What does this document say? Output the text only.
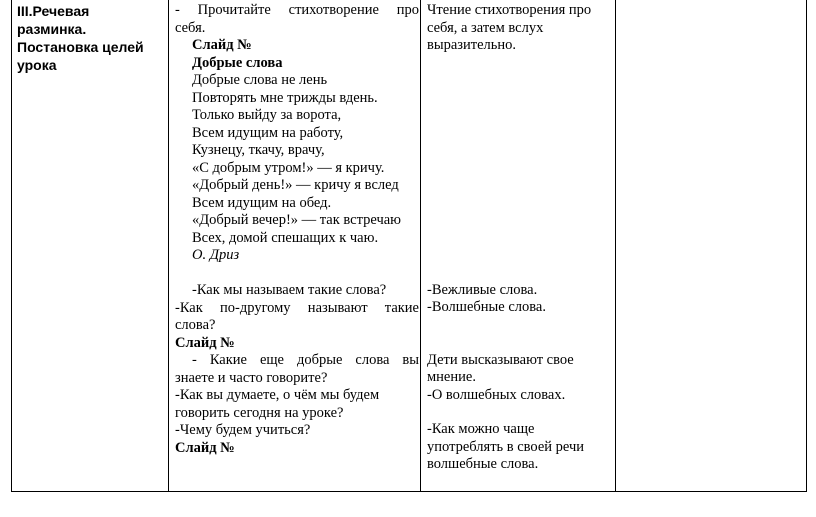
III.Речевая
разминка.
Постановка целей
урока
- Прочитайте стихотворение про
себя.
Слайд №
Добрые слова
Добрые слова не лень
Повторять мне трижды вдень.
Только выйду за ворота,
Всем идущим на работу,
Кузнецу, ткачу, врачу,
«С добрым утром!» — я кричу.
«Добрый день!» — кричу я вслед
Всем идущим на обед.
«Добрый вечер!» — так встречаю
Всех, домой спешащих к чаю.
О. Дриз
-Как мы называем такие слова?
-Как по-другому называют такие
слова?
Слайд №
- Какие еще добрые слова вы
знаете и часто говорите?
-Как вы думаете, о чём мы будем
говорить сегодня на уроке?
-Чему будем учиться?
Слайд №
Чтение стихотворения про
себя, а затем вслух
выразительно.
-Вежливые слова.
-Волшебные слова.
Дети высказывают свое
мнение.
-О волшебных словах.
-Как можно чаще
употреблять в своей речи
волшебные слова.
